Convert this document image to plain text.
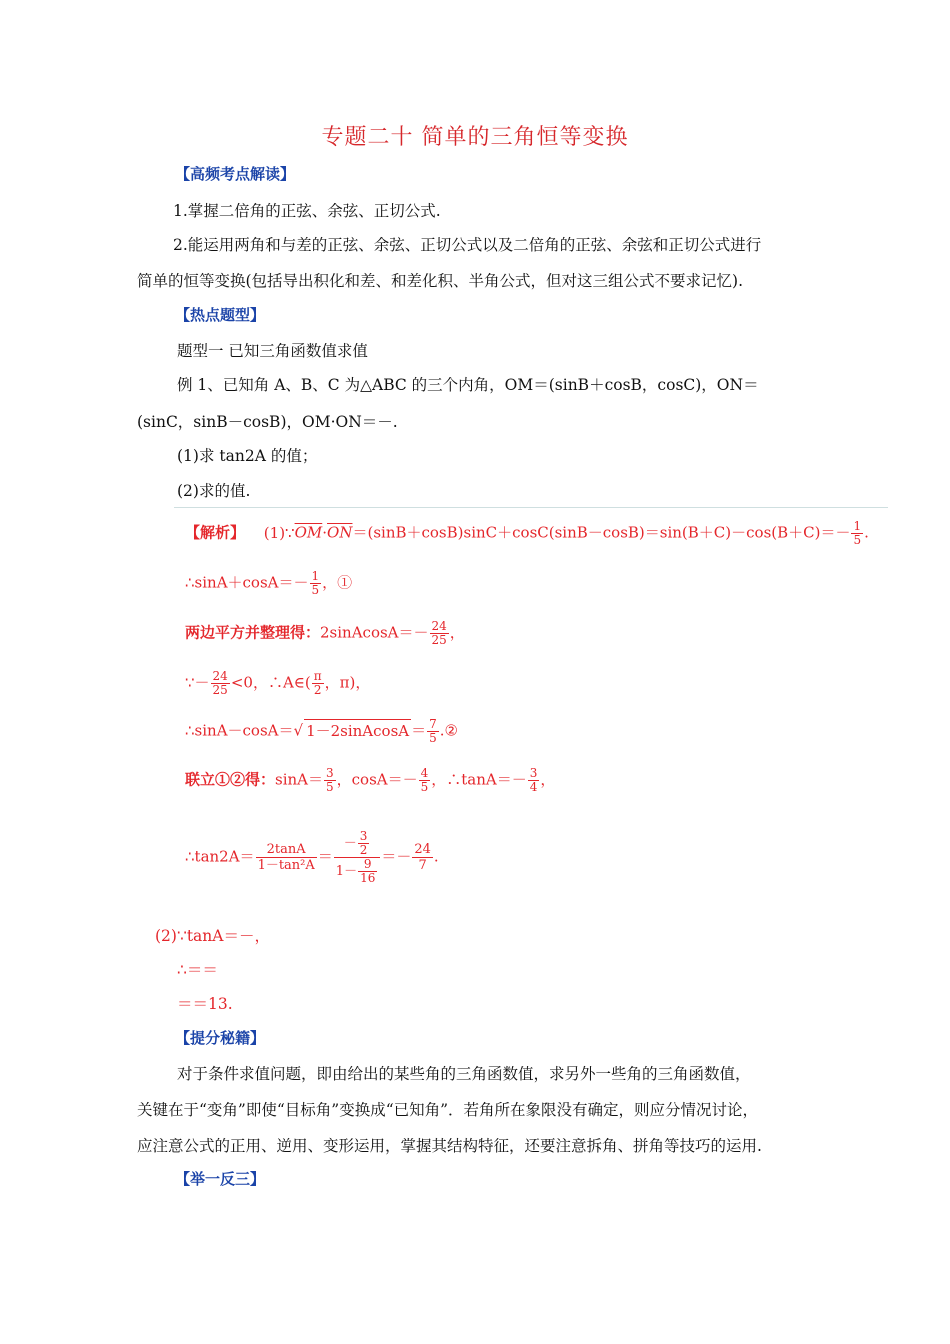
专题二十 简单的三角恒等变换
【高频考点解读】
1.掌握二倍角的正弦、余弦、正切公式.
2.能运用两角和与差的正弦、余弦、正切公式以及二倍角的正弦、余弦和正切公式进行
简单的恒等变换(包括导出积化和差、和差化积、半角公式，但对这三组公式不要求记忆).
【热点题型】
题型一 已知三角函数值求值
例 1、已知角 A、B、C 为△ABC 的三个内角，OM＝(sinB＋cosB，cosC)，ON＝
(sinC，sinB－cosB)，OM·ON＝－.
(1)求 tan2A 的值；
(2)求的值.
【解析】 $(1)\because\overline{OM}\cdot\overline{ON}=(\sin B+\cos B)\sin C+\cos C(\sin B-\cos B)=\sin(B+C)-\cos(B+C)=- \frac{1}{5}$ .
∴sinA＋cosA＝－ $\frac{1}{5}$ ，①
两边平方并整理得：2sinAcosA＝－ $\frac{24}{25}$ ，
∵－ $\frac{24}{25} <0$，∴A∈( $\frac{\pi}{2}$ ，π)，
∴sinA－cosA＝√ 1－2sinAcosA ＝ $\frac{7}{5}$ .②
联立①②得：$\sin A= \frac{3}{5}$ ，$\cos A=- \frac{4}{5}$ ，∴tanA＝－ $\frac{3}{4}$ ，
∴tan2A＝ $\frac{2\tan A}{\text{1－tan²A}} = \frac{- \frac{3}{2}}{1- \frac{9}{16}} =- \frac{24}{7}$ .
(2)∵tanA＝－，
∴＝＝
＝＝13.
【提分秘籍】
对于条件求值问题，即由给出的某些角的三角函数值，求另外一些角的三角函数值，
关键在于“变角”即使“目标角”变换成“已知角”．若角所在象限没有确定，则应分情况讨论，
应注意公式的正用、逆用、变形运用，掌握其结构特征，还要注意拆角、拼角等技巧的运用.
【举一反三】
